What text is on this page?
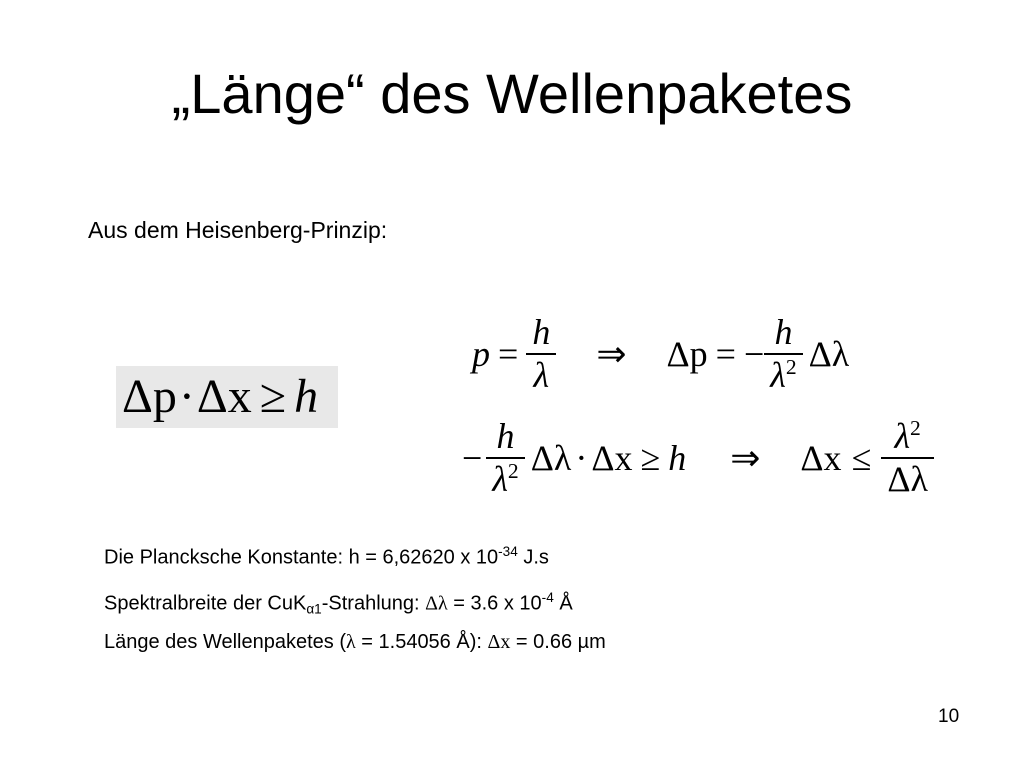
„Länge“ des Wellenpaketes
Aus dem Heisenberg-Prinzip:
Δp · Δx ≥ h
$p = \frac{h}{\lambda}$ ⇒ Δp = − $\frac{h}{\lambda^2}$ Δλ
− $\frac{h}{\lambda^2}$ Δλ · Δx ≥ h ⇒ $\Delta x \le \frac{\lambda^2}{\Delta\lambda}$
Die Plancksche Konstante: h = 6,62620 x $10^{-34}$ J.s
Spektralbreite der CuK$_{\alpha 1}$-Strahlung: Δλ = 3.6 x $10^{-4}$ Å
Länge des Wellenpaketes (λ = 1.54056 Å): Δx = 0.66 µm
10
